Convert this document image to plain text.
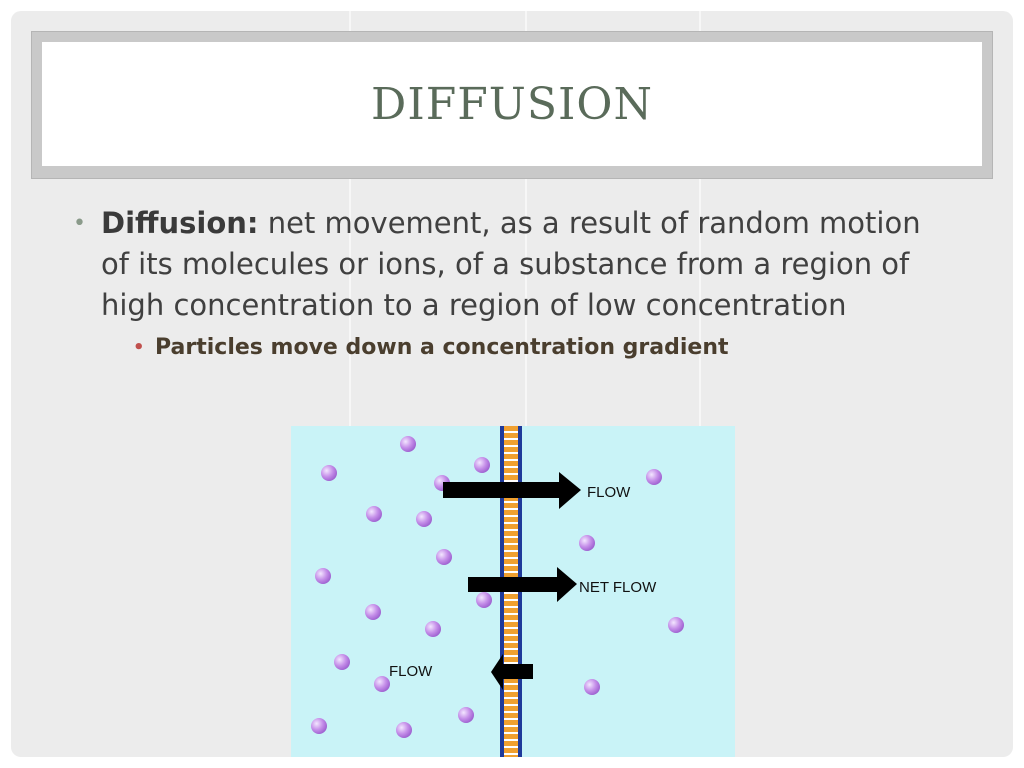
DIFFUSION
• Diffusion: net movement, as a result of random motion of its molecules or ions, of a substance from a region of high concentration to a region of low concentration
• Particles move down a concentration gradient
FLOW
NET FLOW
FLOW
